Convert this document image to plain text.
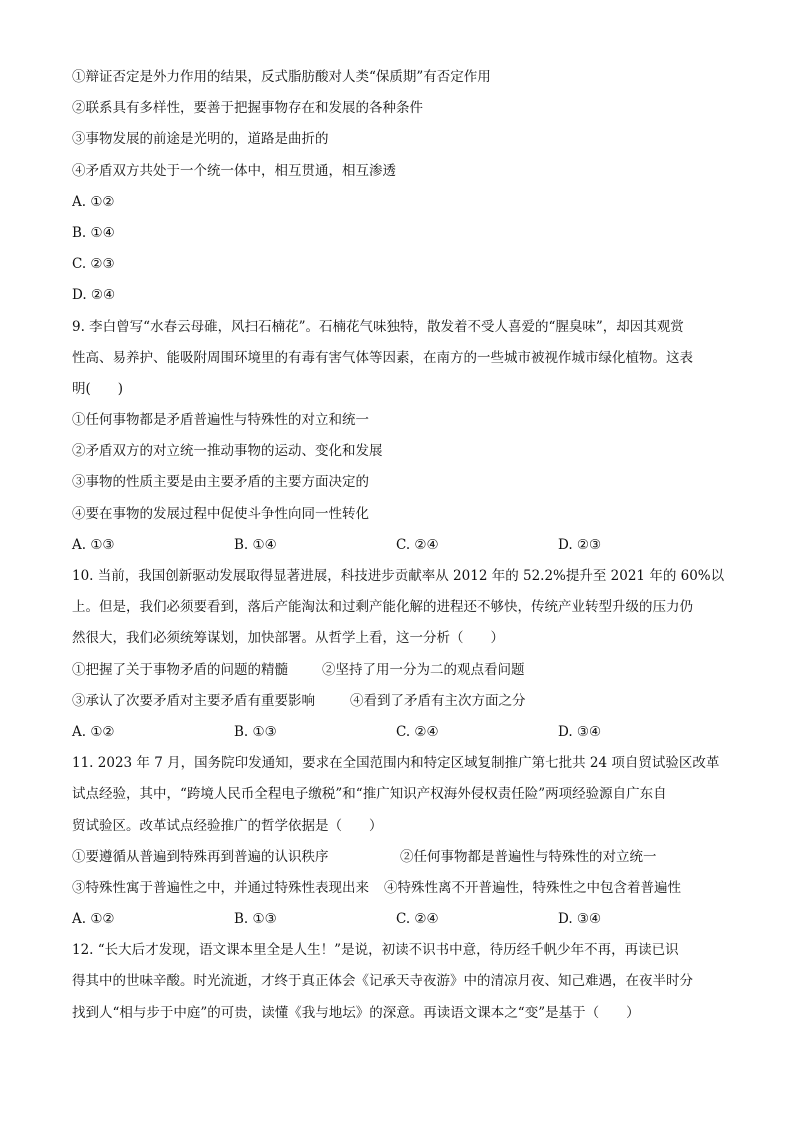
①辩证否定是外力作用的结果，反式脂肪酸对人类“保质期”有否定作用
②联系具有多样性，要善于把握事物存在和发展的各种条件
③事物发展的前途是光明的，道路是曲折的
④矛盾双方共处于一个统一体中，相互贯通，相互渗透
A. ①②
B. ①④
C. ②③
D. ②④
9. 李白曾写“水春云母碓，风扫石楠花”。石楠花气味独特，散发着不受人喜爱的“腥臭味”，却因其观赏
性高、易养护、能吸附周围环境里的有毒有害气体等因素，在南方的一些城市被视作城市绿化植物。这表
明(　　)
①任何事物都是矛盾普遍性与特殊性的对立和统一
②矛盾双方的对立统一推动事物的运动、变化和发展
③事物的性质主要是由主要矛盾的主要方面决定的
④要在事物的发展过程中促使斗争性向同一性转化
A. ①③	B. ①④	C. ②④	D. ②③
10. 当前，我国创新驱动发展取得显著进展，科技进步贡献率从 2012 年的 52.2%提升至 2021 年的 60%以
上。但是，我们必须要看到，落后产能淘汰和过剩产能化解的进程还不够快，传统产业转型升级的压力仍
然很大，我们必须统筹谋划，加快部署。从哲学上看，这一分析（　　）
①把握了关于事物矛盾的问题的精髓	②坚持了用一分为二的观点看问题
③承认了次要矛盾对主要矛盾有重要影响	④看到了矛盾有主次方面之分
A. ①②	B. ①③	C. ②④	D. ③④
11. 2023 年 7 月，国务院印发通知，要求在全国范围内和特定区域复制推广第七批共 24 项自贸试验区改革
试点经验，其中，“跨境人民币全程电子缴税”和“推广知识产权海外侵权责任险”两项经验源自广东自
贸试验区。改革试点经验推广的哲学依据是（　　）
①要遵循从普遍到特殊再到普遍的认识秩序	②任何事物都是普遍性与特殊性的对立统一
③特殊性寓于普遍性之中，并通过特殊性表现出来	④特殊性离不开普遍性，特殊性之中包含着普遍性
A. ①②	B. ①③	C. ②④	D. ③④
12. “长大后才发现，语文课本里全是人生！”是说，初读不识书中意，待历经千帆少年不再，再读已识
得其中的世味辛酸。时光流逝，才终于真正体会《记承天寺夜游》中的清凉月夜、知己难遇，在夜半时分
找到人“相与步于中庭”的可贵，读懂《我与地坛》的深意。再读语文课本之“变”是基于（　　）
